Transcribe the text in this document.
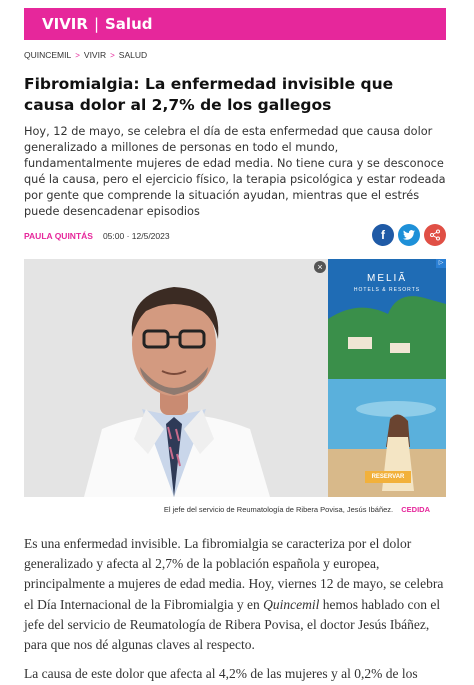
VIVIR | Salud
QUINCEMIL > VIVIR > SALUD
Fibromialgia: La enfermedad invisible que causa dolor al 2,7% de los gallegos

Hoy, 12 de mayo, se celebra el día de esta enfermedad que causa dolor generalizado a millones de personas en todo el mundo, fundamentalmente mujeres de edad media. No tiene cura y se desconoce qué la causa, pero el ejercicio físico, la terapia psicológica y estar rodeada por gente que comprende la situación ayudan, mientras que el estrés puede desencadenar episodios

PAULA QUINTÁS 05:00 · 12/5/2023	f
×
MELIÃ
HOTELS & RESORTS
RESERVAR
▷
El jefe del servicio de Reumatología de Ribera Povisa, Jesús Ibáñez. CEDIDA

Es una enfermedad invisible. La fibromialgia se caracteriza por el dolor generalizado y afecta al 2,7% de la población española y europea, principalmente a mujeres de edad media. Hoy, viernes 12 de mayo, se celebra el Día Internacional de la Fibromialgia y en Quincemil hemos hablado con el jefe del servicio de Reumatología de Ribera Povisa, el doctor Jesús Ibáñez, para que nos dé algunas claves al respecto.

La causa de este dolor que afecta al 4,2% de las mujeres y al 0,2% de los
